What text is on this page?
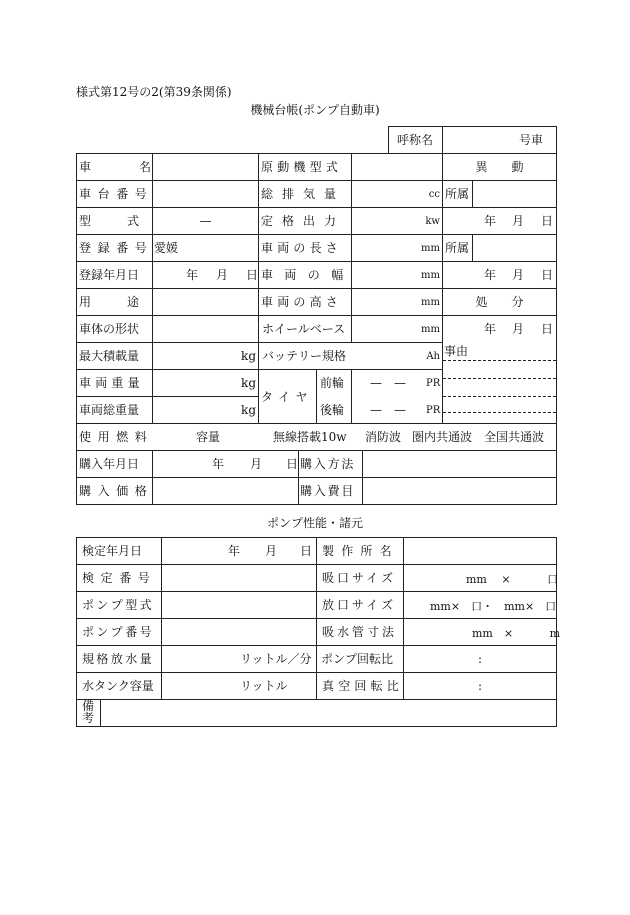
様式第12号の2(第39条関係)
機械台帳(ポンプ自動車)
呼称名	号車
車　　　　名
車台番号
型　　　式
登録番号
登録年月日
用　　　途
車体の形状
最大積載量
車両重量
車両総重量
使用燃料
購入年月日
購入価格
—
愛媛
年 月 日
kg
kg
kg
容量
年 月 日
原動機型式
総排気量
定格出力
車両の長さ
車両の幅
車両の高さ
ホイールベース
バッテリー規格
タイヤ
前輪
後輪
無線搭載10w
購入方法
購入費目
cc
kw
mm
mm
mm
mm
Ah
—　— PR
—　— PR
消防波 圏内共通波 全国共通波
異　　動
所属
年 月 日
所属
年 月 日
処　　分
年 月 日
事由
ポンプ性能・諸元
検定年月日
検定番号
ポンプ型式
ポンプ番号
規格放水量
水タンク容量
年 月 日
リットル／分
リットル
製作所名
吸口サイズ
放口サイズ
吸水管寸法
ポンプ回転比
真空回転比
mm　 ×　　　 口
mm×　口・　mm×　口
mm　×　　　 m
:
:
備
考
